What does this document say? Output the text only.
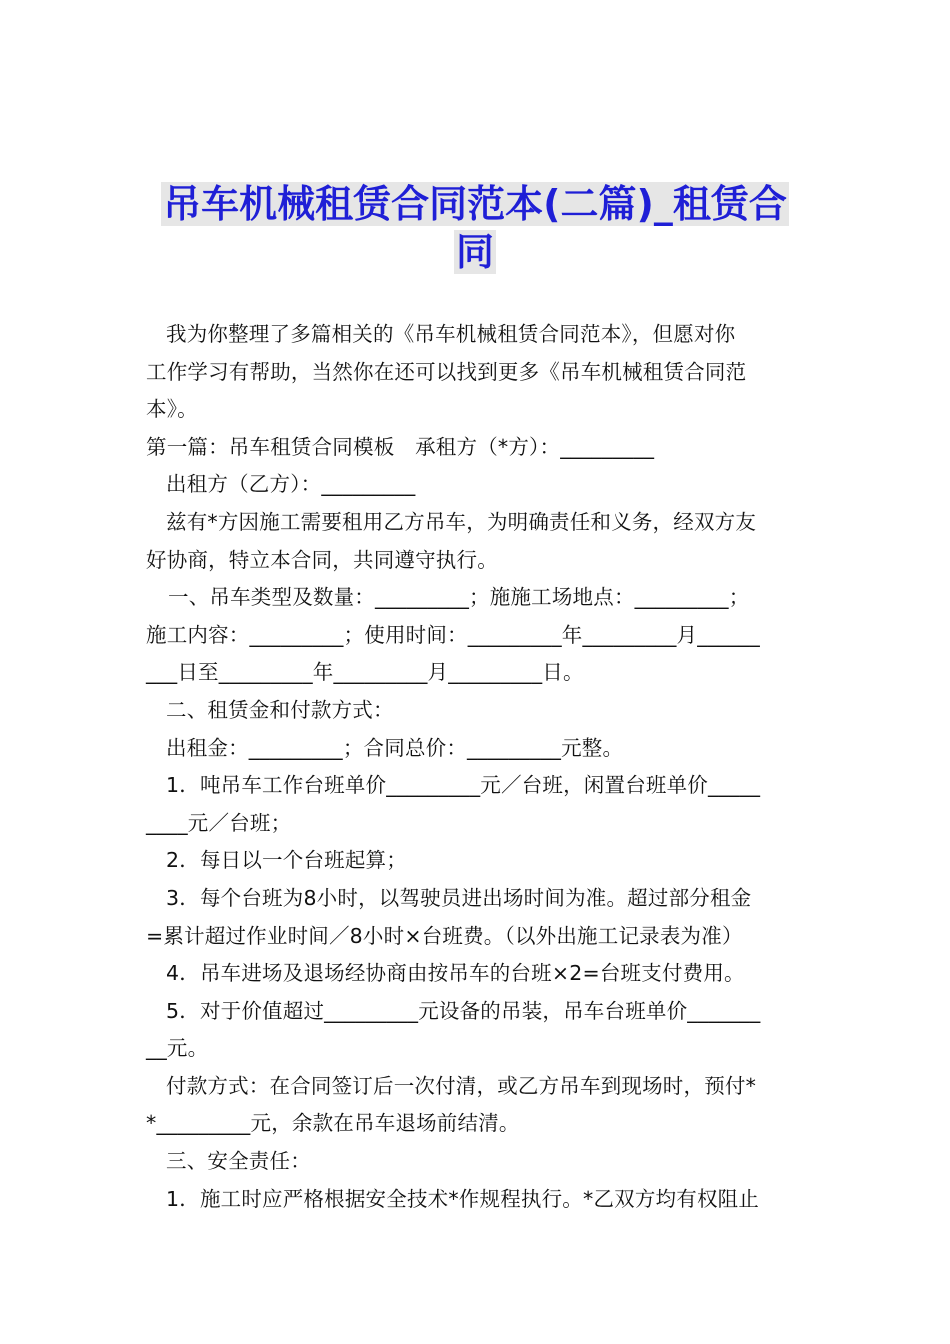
吊车机械租赁合同范本(二篇)_租赁合
同
我为你整理了多篇相关的《吊车机械租赁合同范本》，但愿对你
工作学习有帮助，当然你在还可以找到更多《吊车机械租赁合同范
本》。
第一篇：吊车租赁合同模板　承租方（*方）：_________
出租方（乙方）：_________
兹有*方因施工需要租用乙方吊车，为明确责任和义务，经双方友
好协商，特立本合同，共同遵守执行。
一、吊车类型及数量：_________；施施工场地点：_________；
施工内容：_________；使用时间：_________年_________月______
___日至_________年_________月_________日。
二、租赁金和付款方式：
出租金：_________；合同总价：_________元整。
1．吨吊车工作台班单价_________元／台班，闲置台班单价_____
____元／台班；
2．每日以一个台班起算；
3．每个台班为8小时，以驾驶员进出场时间为准。超过部分租金
=累计超过作业时间／8小时×台班费。（以外出施工记录表为准）
4．吊车进场及退场经协商由按吊车的台班×2=台班支付费用。
5．对于价值超过_________元设备的吊装，吊车台班单价_______
__元。
付款方式：在合同签订后一次付清，或乙方吊车到现场时，预付*
*_________元，余款在吊车退场前结清。
三、安全责任：
1．施工时应严格根据安全技术*作规程执行。*乙双方均有权阻止
